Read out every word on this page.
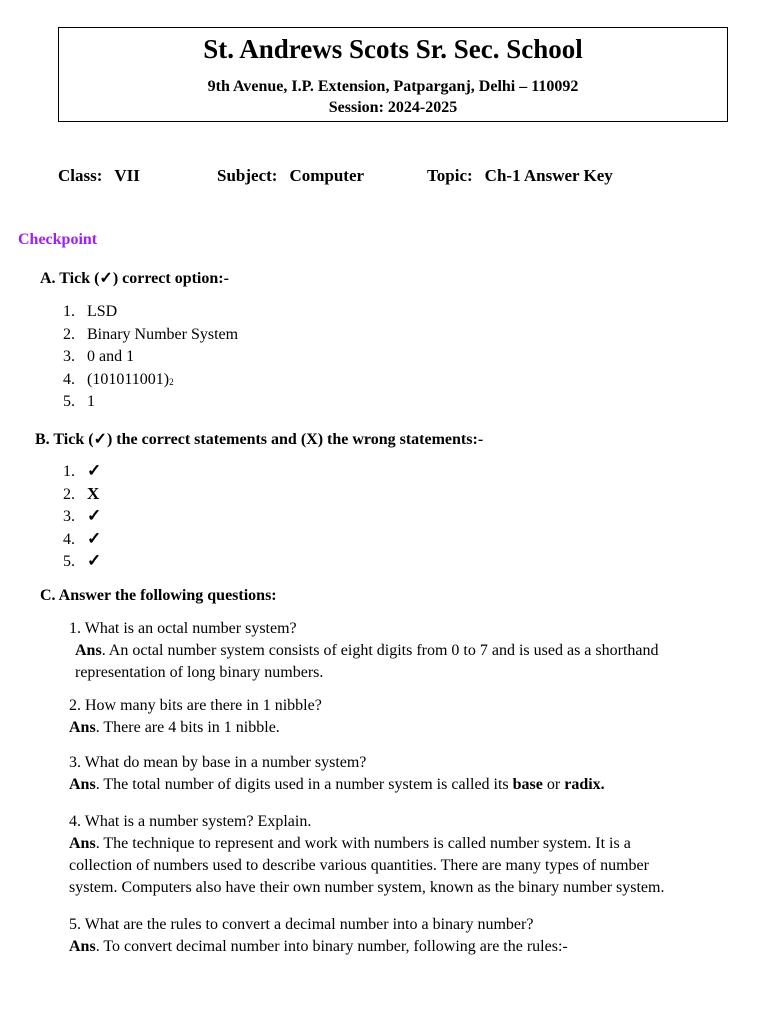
St. Andrews Scots Sr. Sec. School
9th Avenue, I.P. Extension, Patparganj, Delhi – 110092
Session: 2024-2025
Class: VII	Subject: Computer	Topic: Ch-1 Answer Key
Checkpoint
A. Tick (✓) correct option:-
1. LSD
2. Binary Number System
3. 0 and 1
4. $(101011001)_2$
5. 1
B. Tick (✓) the correct statements and (X) the wrong statements:-
1. ✓
2. X
3. ✓
4. ✓
5. ✓
C. Answer the following questions:
1. What is an octal number system?
Ans. An octal number system consists of eight digits from 0 to 7 and is used as a shorthand
representation of long binary numbers.
2. How many bits are there in 1 nibble?
Ans. There are 4 bits in 1 nibble.
3. What do mean by base in a number system?
Ans. The total number of digits used in a number system is called its base or radix.
4. What is a number system? Explain.
Ans. The technique to represent and work with numbers is called number system. It is a
collection of numbers used to describe various quantities. There are many types of number
system. Computers also have their own number system, known as the binary number system.
5. What are the rules to convert a decimal number into a binary number?
Ans. To convert decimal number into binary number, following are the rules:-
